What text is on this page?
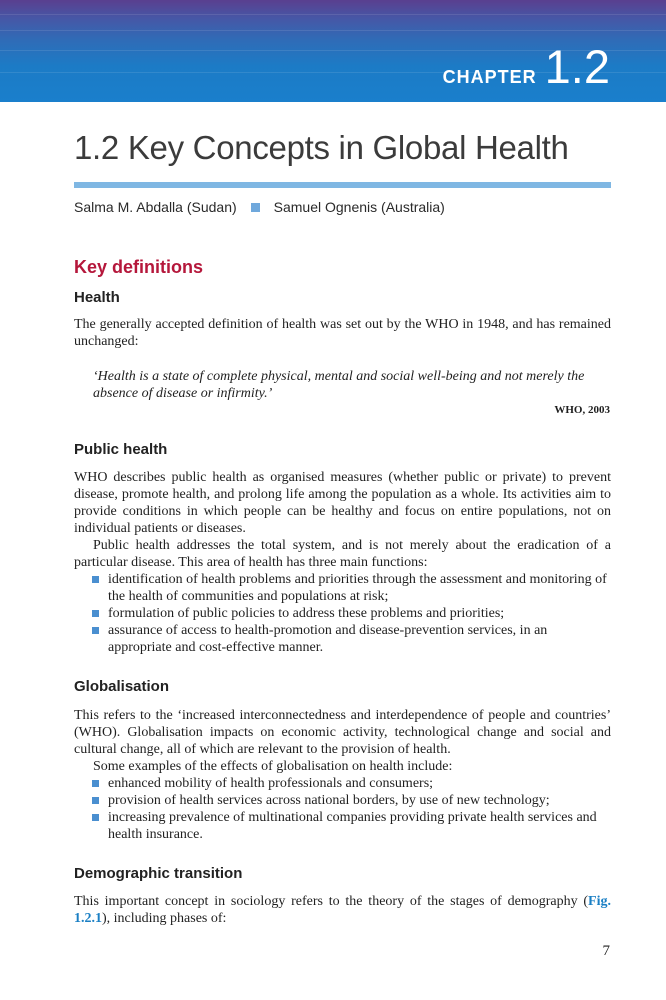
CHAPTER 1.2
1.2 Key Concepts in Global Health
Salma M. Abdalla (Sudan)	Samuel Ognenis (Australia)
Key definitions
Health

The generally accepted definition of health was set out by the WHO in 1948, and has remained unchanged:

‘Health is a state of complete physical, mental and social well-being and not merely the absence of disease or infirmity.’

WHO, 2003

Public health

WHO describes public health as organised measures (whether public or private) to prevent disease, promote health, and prolong life among the population as a whole. Its activities aim to provide conditions in which people can be healthy and focus on entire populations, not on individual patients or diseases.

Public health addresses the total system, and is not merely about the eradication of a particular disease. This area of health has three main functions:

identification of health problems and priorities through the assessment and monitoring of the health of communities and populations at risk;
formulation of public policies to address these problems and priorities;
assurance of access to health-promotion and disease-prevention services, in an appropriate and cost-effective manner.
Globalisation

This refers to the ‘increased interconnectedness and interdependence of people and countries’ (WHO). Globalisation impacts on economic activity, technological change and social and cultural change, all of which are relevant to the provision of health.

Some examples of the effects of globalisation on health include:

enhanced mobility of health professionals and consumers;
provision of health services across national borders, by use of new technology;
increasing prevalence of multinational companies providing private health services and health insurance.
Demographic transition

This important concept in sociology refers to the theory of the stages of demography (Fig. 1.2.1), including phases of:

7
